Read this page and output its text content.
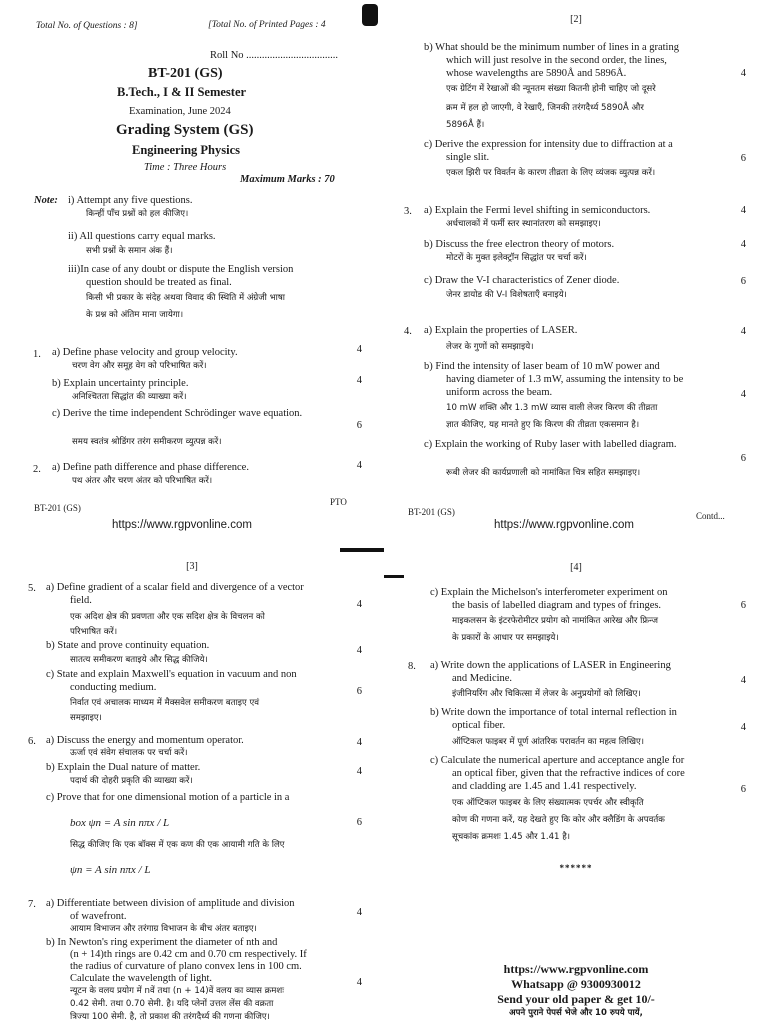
Total No. of Questions : 8]	[Total No. of Printed Pages : 4
Roll No ...................................
BT-201 (GS)
B.Tech., I & II Semester
Examination, June 2024
Grading System (GS)
Engineering Physics
Time : Three Hours
Maximum Marks : 70
Note: i) Attempt any five questions.
किन्हीं पाँच प्रश्नों को हल कीजिए।
ii) All questions carry equal marks.
सभी प्रश्नों के समान अंक हैं।
iii)In case of any doubt or dispute the English version
question should be treated as final.
किसी भी प्रकार के संदेह अथवा विवाद की स्थिति में अंग्रेजी भाषा
के प्रश्न को अंतिम माना जायेगा।
1. a) Define phase velocity and group velocity.	4
चरण वेग और समूह वेग को परिभाषित करें।
b) Explain uncertainty principle.	4
अनिश्चितता सिद्धांत की व्याख्या करें।
c) Derive the time independent Schrödinger wave equation.
6
समय स्वतंत्र श्रोडिंगर तरंग समीकरण व्युत्पन्न करें।
2. a) Define path difference and phase difference.	4
पथ अंतर और चरण अंतर को परिभाषित करें।
BT-201 (GS)
PTO
https://www.rgpvonline.com
[2]
b) What should be the minimum number of lines in a grating
which will just resolve in the second order, the lines,
whose wavelengths are 5890Å and 5896Å.	4
एक ग्रेटिंग में रेखाओं की न्यूनतम संख्या कितनी होनी चाहिए जो दूसरे
क्रम में हल हो जाएगी, वे रेखाएँ, जिनकी तरंगदैर्ध्य 5890Å और
5896Å हैं।
c) Derive the expression for intensity due to diffraction at a
single slit.	6
एकल झिरी पर विवर्तन के कारण तीव्रता के लिए व्यंजक व्युत्पन्न करें।
3. a) Explain the Fermi level shifting in semiconductors.	4
अर्धचालकों में फर्मी स्तर स्थानांतरण को समझाइए।
b) Discuss the free electron theory of motors.	4
मोटरों के मुक्त इलेक्ट्रॉन सिद्धांत पर चर्चा करें।
c) Draw the V-I characteristics of Zener diode.	6
जेनर डायोड की V-I विशेषताएँ बनाइये।
4. a) Explain the properties of LASER.	4
लेजर के गुणों को समझाइये।
b) Find the intensity of laser beam of 10 mW power and
having diameter of 1.3 mW, assuming the intensity to be
uniform across the beam.	4
10 mW शक्ति और 1.3 mW व्यास वाली लेजर किरण की तीव्रता
ज्ञात कीजिए, यह मानते हुए कि किरण की तीव्रता एकसमान है।
c) Explain the working of Ruby laser with labelled diagram.
6
रूबी लेजर की कार्यप्रणाली को नामांकित चित्र सहित समझाइए।
BT-201 (GS)	Contd...
https://www.rgpvonline.com
[3]
5. a) Define gradient of a scalar field and divergence of a vector
field.	4
एक अदिश क्षेत्र की प्रवणता और एक सदिश क्षेत्र के विचलन को
परिभाषित करें।
b) State and prove continuity equation.	4
सातत्य समीकरण बताइये और सिद्ध कीजिये।
c) State and explain Maxwell's equation in vacuum and non
conducting medium.	6
निर्वात एवं अचालक माध्यम में मैक्सवेल समीकरण बताइए एवं
समझाइए।
6. a) Discuss the energy and momentum operator.	4
ऊर्जा एवं संवेग संचालक पर चर्चा करें।
b) Explain the Dual nature of matter.	4
पदार्थ की दोहरी प्रकृति की व्याख्या करें।
c) Prove that for one dimensional motion of a particle in a
box ψn = A sin nπx / L	6
सिद्ध कीजिए कि एक बॉक्स में एक कण की एक आयामी गति के लिए
ψn = A sin nπx / L
7. a) Differentiate between division of amplitude and division
of wavefront.	4
आयाम विभाजन और तरंगाग्र विभाजन के बीच अंतर बताइए।
b) In Newton's ring experiment the diameter of nth and
(n + 14)th rings are 0.42 cm and 0.70 cm respectively. If
the radius of curvature of plano convex lens in 100 cm.
Calculate the wavelength of light.	4
न्यूटन के वलय प्रयोग में nवें तथा (n + 14)वें वलय का व्यास क्रमशः
0.42 सेमी. तथा 0.70 सेमी. है। यदि प्लेनों उत्तल लेंस की वक्रता
त्रिज्या 100 सेमी. है, तो प्रकाश की तरंगदैर्ध्य की गणना कीजिए।
[4]
c) Explain the Michelson's interferometer experiment on
the basis of labelled diagram and types of fringes.	6
माइकलसन के इंटरफेरोमीटर प्रयोग को नामांकित आरेख और फ्रिन्ज
के प्रकारों के आधार पर समझाइये।
8. a) Write down the applications of LASER in Engineering
and Medicine.	4
इंजीनियरिंग और चिकित्सा में लेजर के अनुप्रयोगों को लिखिए।
b) Write down the importance of total internal reflection in
optical fiber.	4
ऑप्टिकल फाइबर में पूर्ण आंतरिक परावर्तन का महत्व लिखिए।
c) Calculate the numerical aperture and acceptance angle for
an optical fiber, given that the refractive indices of core
and cladding are 1.45 and 1.41 respectively.	6
एक ऑप्टिकल फाइबर के लिए संख्यात्मक एपर्चर और स्वीकृति
कोण की गणना करें, यह देखते हुए कि कोर और क्लैडिंग के अपवर्तक
सूचकांक क्रमशः 1.45 और 1.41 है।
******
https://www.rgpvonline.com
Whatsapp @ 9300930012
Send your old paper & get 10/-
अपने पुराने पेपर्स भेजे और 10 रुपये पायें,
